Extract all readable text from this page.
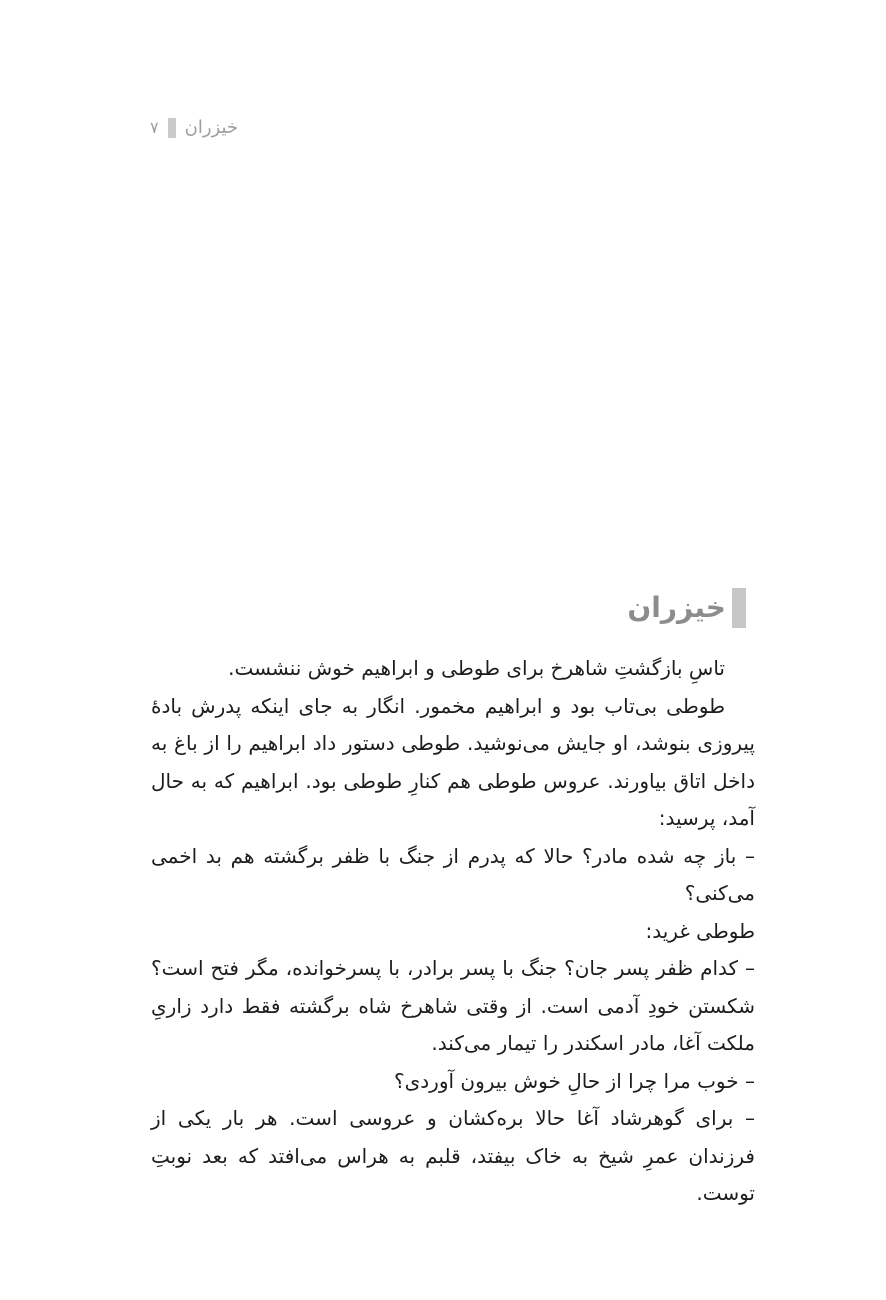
۷ خیزران
خیزران

تاسِ بازگشتِ شاهرخ برای طوطی و ابراهیم خوش ننشست.

طوطی بی‌تاب بود و ابراهیم مخمور. انگار به جای اینکه پدرش بادهٔ پیروزی بنوشد، او جایش می‌نوشید. طوطی دستور داد ابراهیم را از باغ به داخل اتاق بیاورند. عروس طوطی هم کنارِ طوطی بود. ابراهیم که به حال آمد، پرسید:

– باز چه شده مادر؟ حالا که پدرم از جنگ با ظفر برگشته هم بد اخمی می‌کنی؟

طوطی غرید:

– کدام ظفر پسر جان؟ جنگ با پسر برادر، با پسرخوانده، مگر فتح است؟ شکستن خودِ آدمی است. از وقتی شاهرخ شاه برگشته فقط دارد زاریِ ملکت آغا، مادر اسکندر را تیمار می‌کند.

– خوب مرا چرا از حالِ خوش بیرون آوردی؟

– برای گوهرشاد آغا حالا بره‌کشان و عروسی است. هر بار یکی از فرزندان عمرِ شیخ به خاک بیفتد، قلبم به هراس می‌افتد که بعد نوبتِ توست.
